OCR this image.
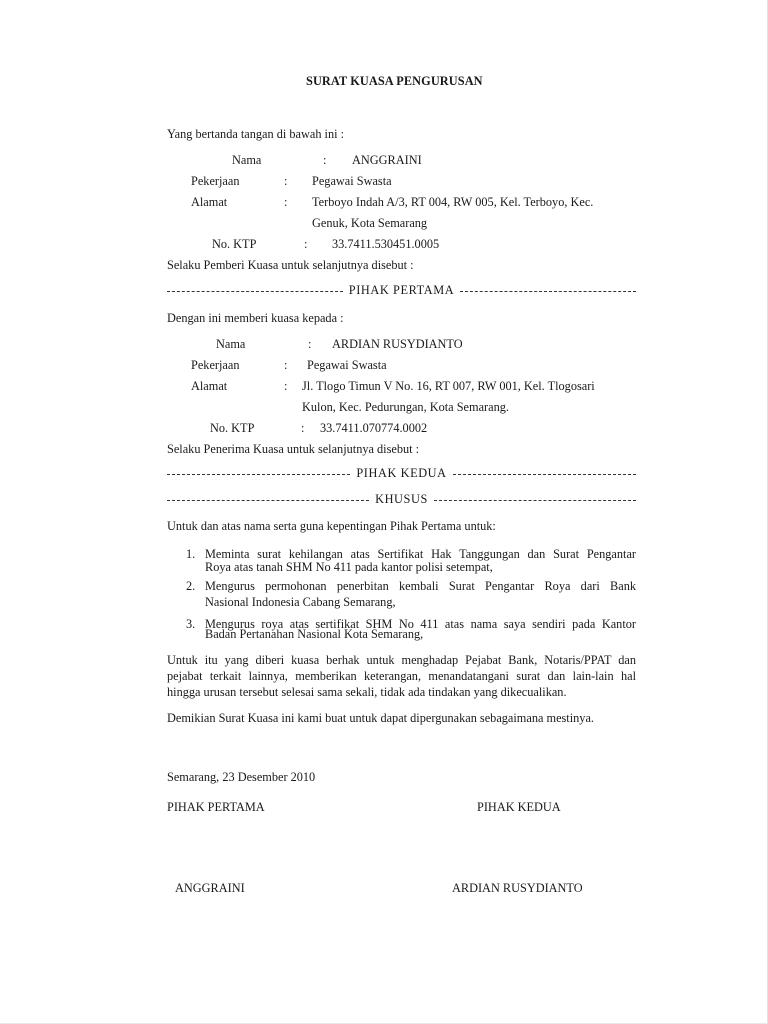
SURAT KUASA PENGURUSAN
Yang bertanda tangan di bawah ini :
Nama	: ANGGRAINI
Pekerjaan	: Pegawai Swasta
Alamat	: Terboyo Indah A/3, RT 004, RW 005, Kel. Terboyo, Kec.
Genuk, Kota Semarang
No. KTP	: 33.7411.530451.0005
Selaku Pemberi Kuasa untuk selanjutnya disebut :
PIHAK PERTAMA
Dengan ini memberi kuasa kepada :
Nama	: ARDIAN RUSYDIANTO
Pekerjaan	: Pegawai Swasta
Alamat	: Jl. Tlogo Timun V No. 16, RT 007, RW 001, Kel. Tlogosari
Kulon, Kec. Pedurungan, Kota Semarang.
No. KTP	: 33.7411.070774.0002
Selaku Penerima Kuasa untuk selanjutnya disebut :
PIHAK KEDUA
KHUSUS
Untuk dan atas nama serta guna kepentingan Pihak Pertama untuk:
1. Meminta surat kehilangan atas Sertifikat Hak Tanggungan dan Surat Pengantar
Roya atas tanah SHM No 411 pada kantor polisi setempat,
2. Mengurus permohonan penerbitan kembali Surat Pengantar Roya dari Bank
Nasional Indonesia Cabang Semarang,
3. Mengurus roya atas sertifikat SHM No 411 atas nama saya sendiri pada Kantor
Badan Pertanahan Nasional Kota Semarang,
Untuk itu yang diberi kuasa berhak untuk menghadap Pejabat Bank, Notaris/PPAT dan
pejabat terkait lainnya, memberikan keterangan, menandatangani surat dan lain-lain hal
hingga urusan tersebut selesai sama sekali, tidak ada tindakan yang dikecualikan.
Demikian Surat Kuasa ini kami buat untuk dapat dipergunakan sebagaimana mestinya.
Semarang, 23 Desember 2010
PIHAK PERTAMA	PIHAK KEDUA
ANGGRAINI	ARDIAN RUSYDIANTO
